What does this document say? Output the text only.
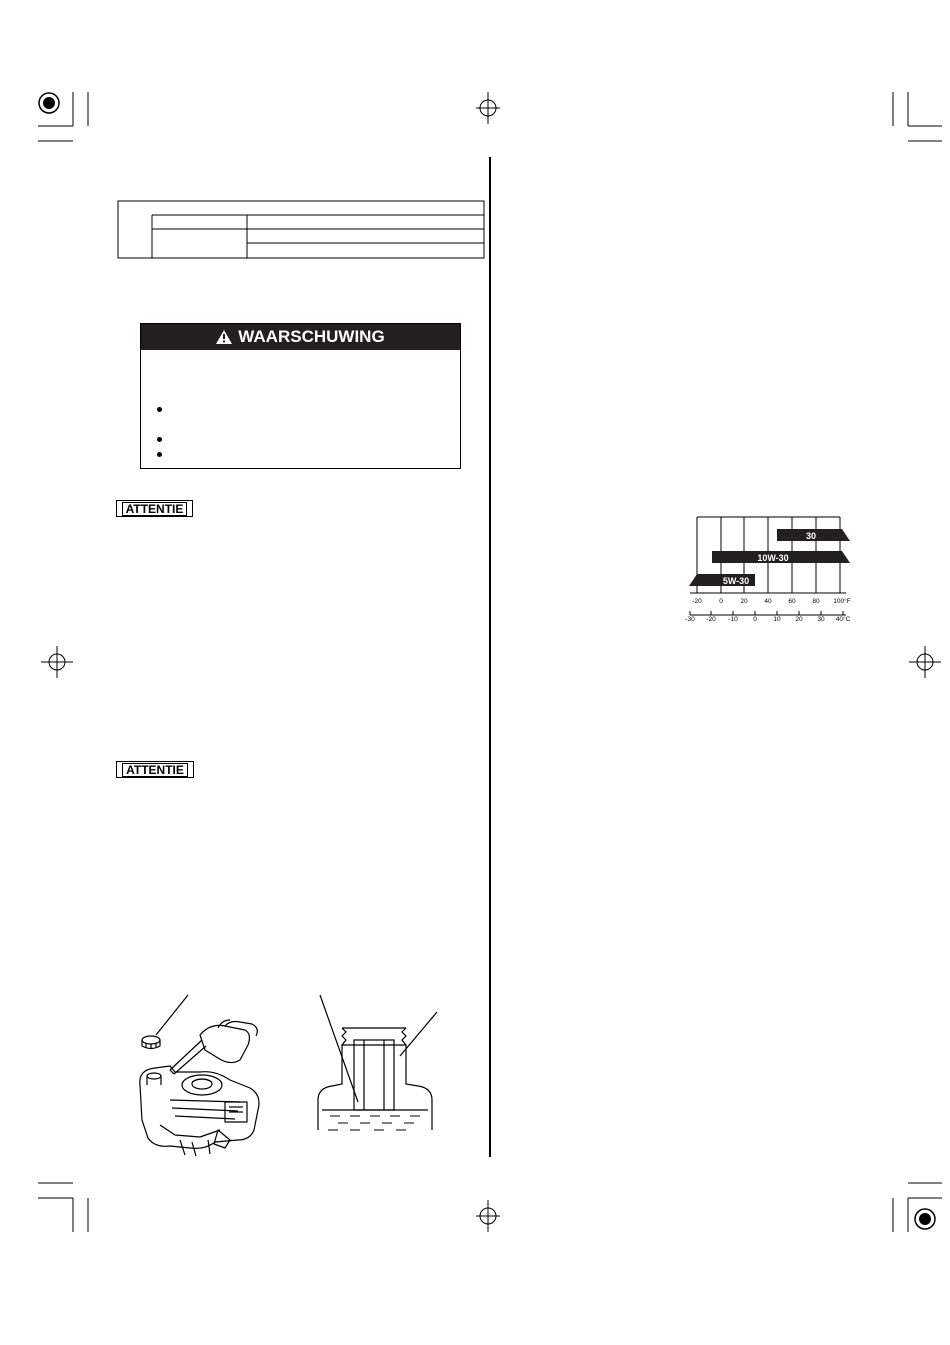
WAARSCHUWING
ATTENTIE
ATTENTIE
30
10W-30
5W-30
-20	0	20	40	60	80 100°F
-30 -20 -10 0	10 20 30 40°C
